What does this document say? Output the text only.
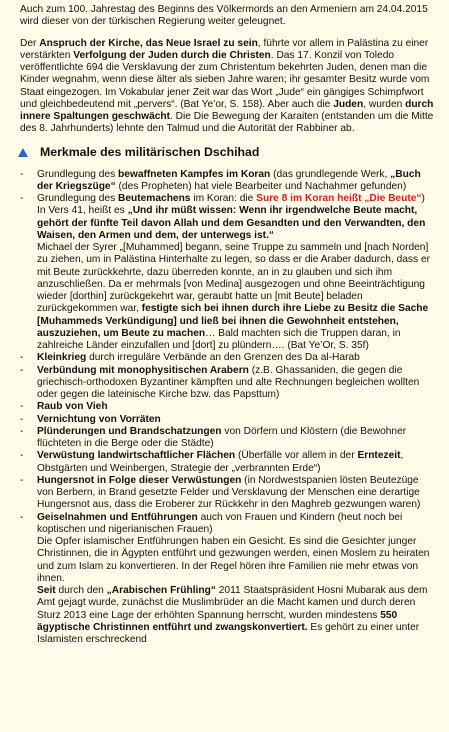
Auch zum 100. Jahrestag des Beginns des Völkermords an den Armeniern am 24.04.2015 wird dieser von der türkischen Regierung weiter geleugnet.

Der Anspruch der Kirche, das Neue Israel zu sein, führte vor allem in Palästina zu einer verstärkten Verfolgung der Juden durch die Christen. Das 17. Konzil von Toledo veröffentlichte 694 die Versklavung der zum Christentum bekehrten Juden, denen man die Kinder wegnahm, wenn diese älter als sieben Jahre waren; ihr gesamter Besitz wurde vom Staat eingezogen. Im Vokabular jener Zeit war das Wort „Jude“ ein gängiges Schimpfwort und gleichbedeutend mit „pervers“. (Bat Ye’or, S. 158). Aber auch die Juden, wurden durch innere Spaltungen geschwächt. Die Die Bewegung der Karaiten (entstanden um die Mitte des 8. Jahrhunderts) lehnte den Talmud und die Autorität der Rabbiner ab.

Merkmale des militärischen Dschihad
- Grundlegung des bewaffneten Kampfes im Koran (das grundlegende Werk, „Buch der Kriegszüge“ (des Propheten) hat viele Bearbeiter und Nachahmer gefunden)
- Grundlegung des Beutemachens im Koran: die Sure 8 im Koran heißt „Die Beute“)

In Vers 41, heißt es „Und ihr müßt wissen: Wenn ihr irgendwelche Beute macht, gehört der fünfte Teil davon Allah und dem Gesandten und den Verwandten, den Waisen, den Armen und dem, der unterwegs ist.“

Michael der Syrer „[Muhammed] begann, seine Truppe zu sammeln und [nach Norden] zu ziehen, um in Palästina Hinterhalte zu legen, so dass er die Araber dadurch, dass er mit Beute zurückkehrte, dazu überreden konnte, an in zu glauben und sich ihm anzuschließen. Da er mehrmals [von Medina] ausgezogen und ohne Beeinträchtigung wieder [dorthin] zurückgekehrt war, geraubt hatte un [mit Beute] beladen zurückgekommen war, festigte sich bei ihnen durch ihre Liebe zu Besitz die Sache [Muhammeds Verkündigung] und ließ bei ihnen die Gewohnheit entstehen, auszuziehen, um Beute zu machen… Bald machten sich die Truppen daran, in zahlreiche Länder einzufallen und [dort] zu plündern…. (Bat Ye’Or, S. 35f)

- Kleinkrieg durch irreguläre Verbände an den Grenzen des Da al-Harab
- Verbündung mit monophysitischen Arabern (z.B. Ghassaniden, die gegen die griechisch-orthodoxen Byzantiner kämpften und alte Rechnungen begleichen wollten oder gegen die lateinische Kirche bzw. das Papsttum)
- Raub von Vieh
- Vernichtung von Vorräten
- Plünderungen und Brandschatzungen von Dörfern und Klöstern (die Bewohner flüchteten in die Berge oder die Städte)
- Verwüstung landwirtschaftlicher Flächen (Überfälle vor allem in der Erntezeit, Obstgärten und Weinbergen, Strategie der „verbrannten Erde“)
- Hungersnot in Folge dieser Verwüstungen (in Nordwestspanien lösten Beutezüge von Berbern, in Brand gesetzte Felder und Versklavung der Menschen eine derartige Hungersnot aus, dass die Eroberer zur Rückkehr in den Maghreb gezwungen waren)
- Geiselnahmen und Entführungen auch von Frauen und Kindern (heut noch bei koptischen und nigerianischen Frauen)

Die Opfer islamischer Entführungen haben ein Gesicht. Es sind die Gesichter junger Christinnen, die in Ägypten entführt und gezwungen werden, einen Moslem zu heiraten und zum Islam zu konvertieren. In der Regel hören ihre Familien nie mehr etwas von ihnen.

Seit durch den „Arabischen Frühling“ 2011 Staatspräsident Hosni Mubarak aus dem Amt gejagt wurde, zunächst die Muslimbrüder an die Macht kamen und durch deren Sturz 2013 eine Lage der erhöhten Spannung herrscht, wurden mindestens 550 ägyptische Christinnen entführt und zwangskonvertiert. Es gehört zu einer unter Islamisten erschreckend
